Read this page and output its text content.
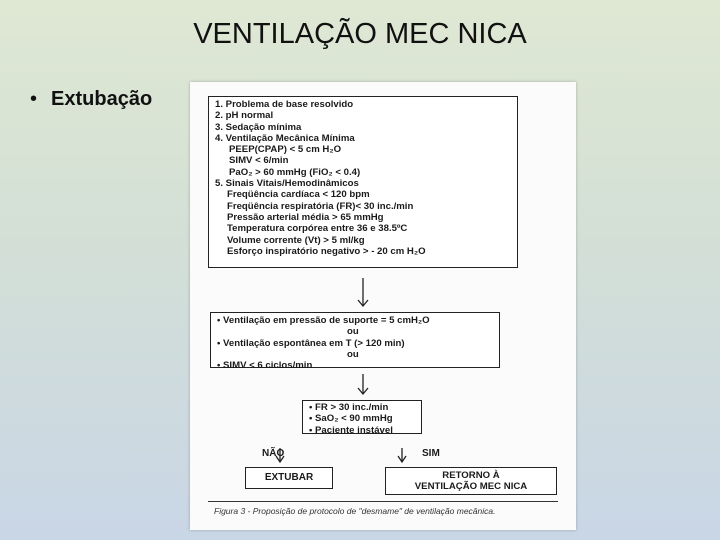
VENTILAÇÃO MEC NICA
• Extubação	1. Problema de base resolvido
2. pH normal
3. Sedação mínima
4. Ventilação Mecânica Mínima
PEEP(CPAP) < 5 cm H₂O
SIMV < 6/min
PaO₂ > 60 mmHg (FiO₂ < 0.4)
5. Sinais Vitais/Hemodinâmicos
Freqüência cardíaca < 120 bpm
Freqüência respiratória (FR)< 30 inc./min
Pressão arterial média > 65 mmHg
Temperatura corpórea entre 36 e 38.5ºC
Volume corrente (Vt) > 5 ml/kg
Esforço inspiratório negativo > - 20 cm H₂O
• Ventilação em pressão de suporte = 5 cmH₂O
ou
• Ventilação espontânea em T (> 120 min)
ou
• SIMV < 6 ciclos/min
• FR > 30 inc./min
• SaO₂ < 90 mmHg
• Paciente instável
NÃO	SIM
EXTUBAR	RETORNO À
VENTILAÇÃO MEC NICA
Figura 3 - Proposição de protocolo de "desmame" de ventilação mecânica.
